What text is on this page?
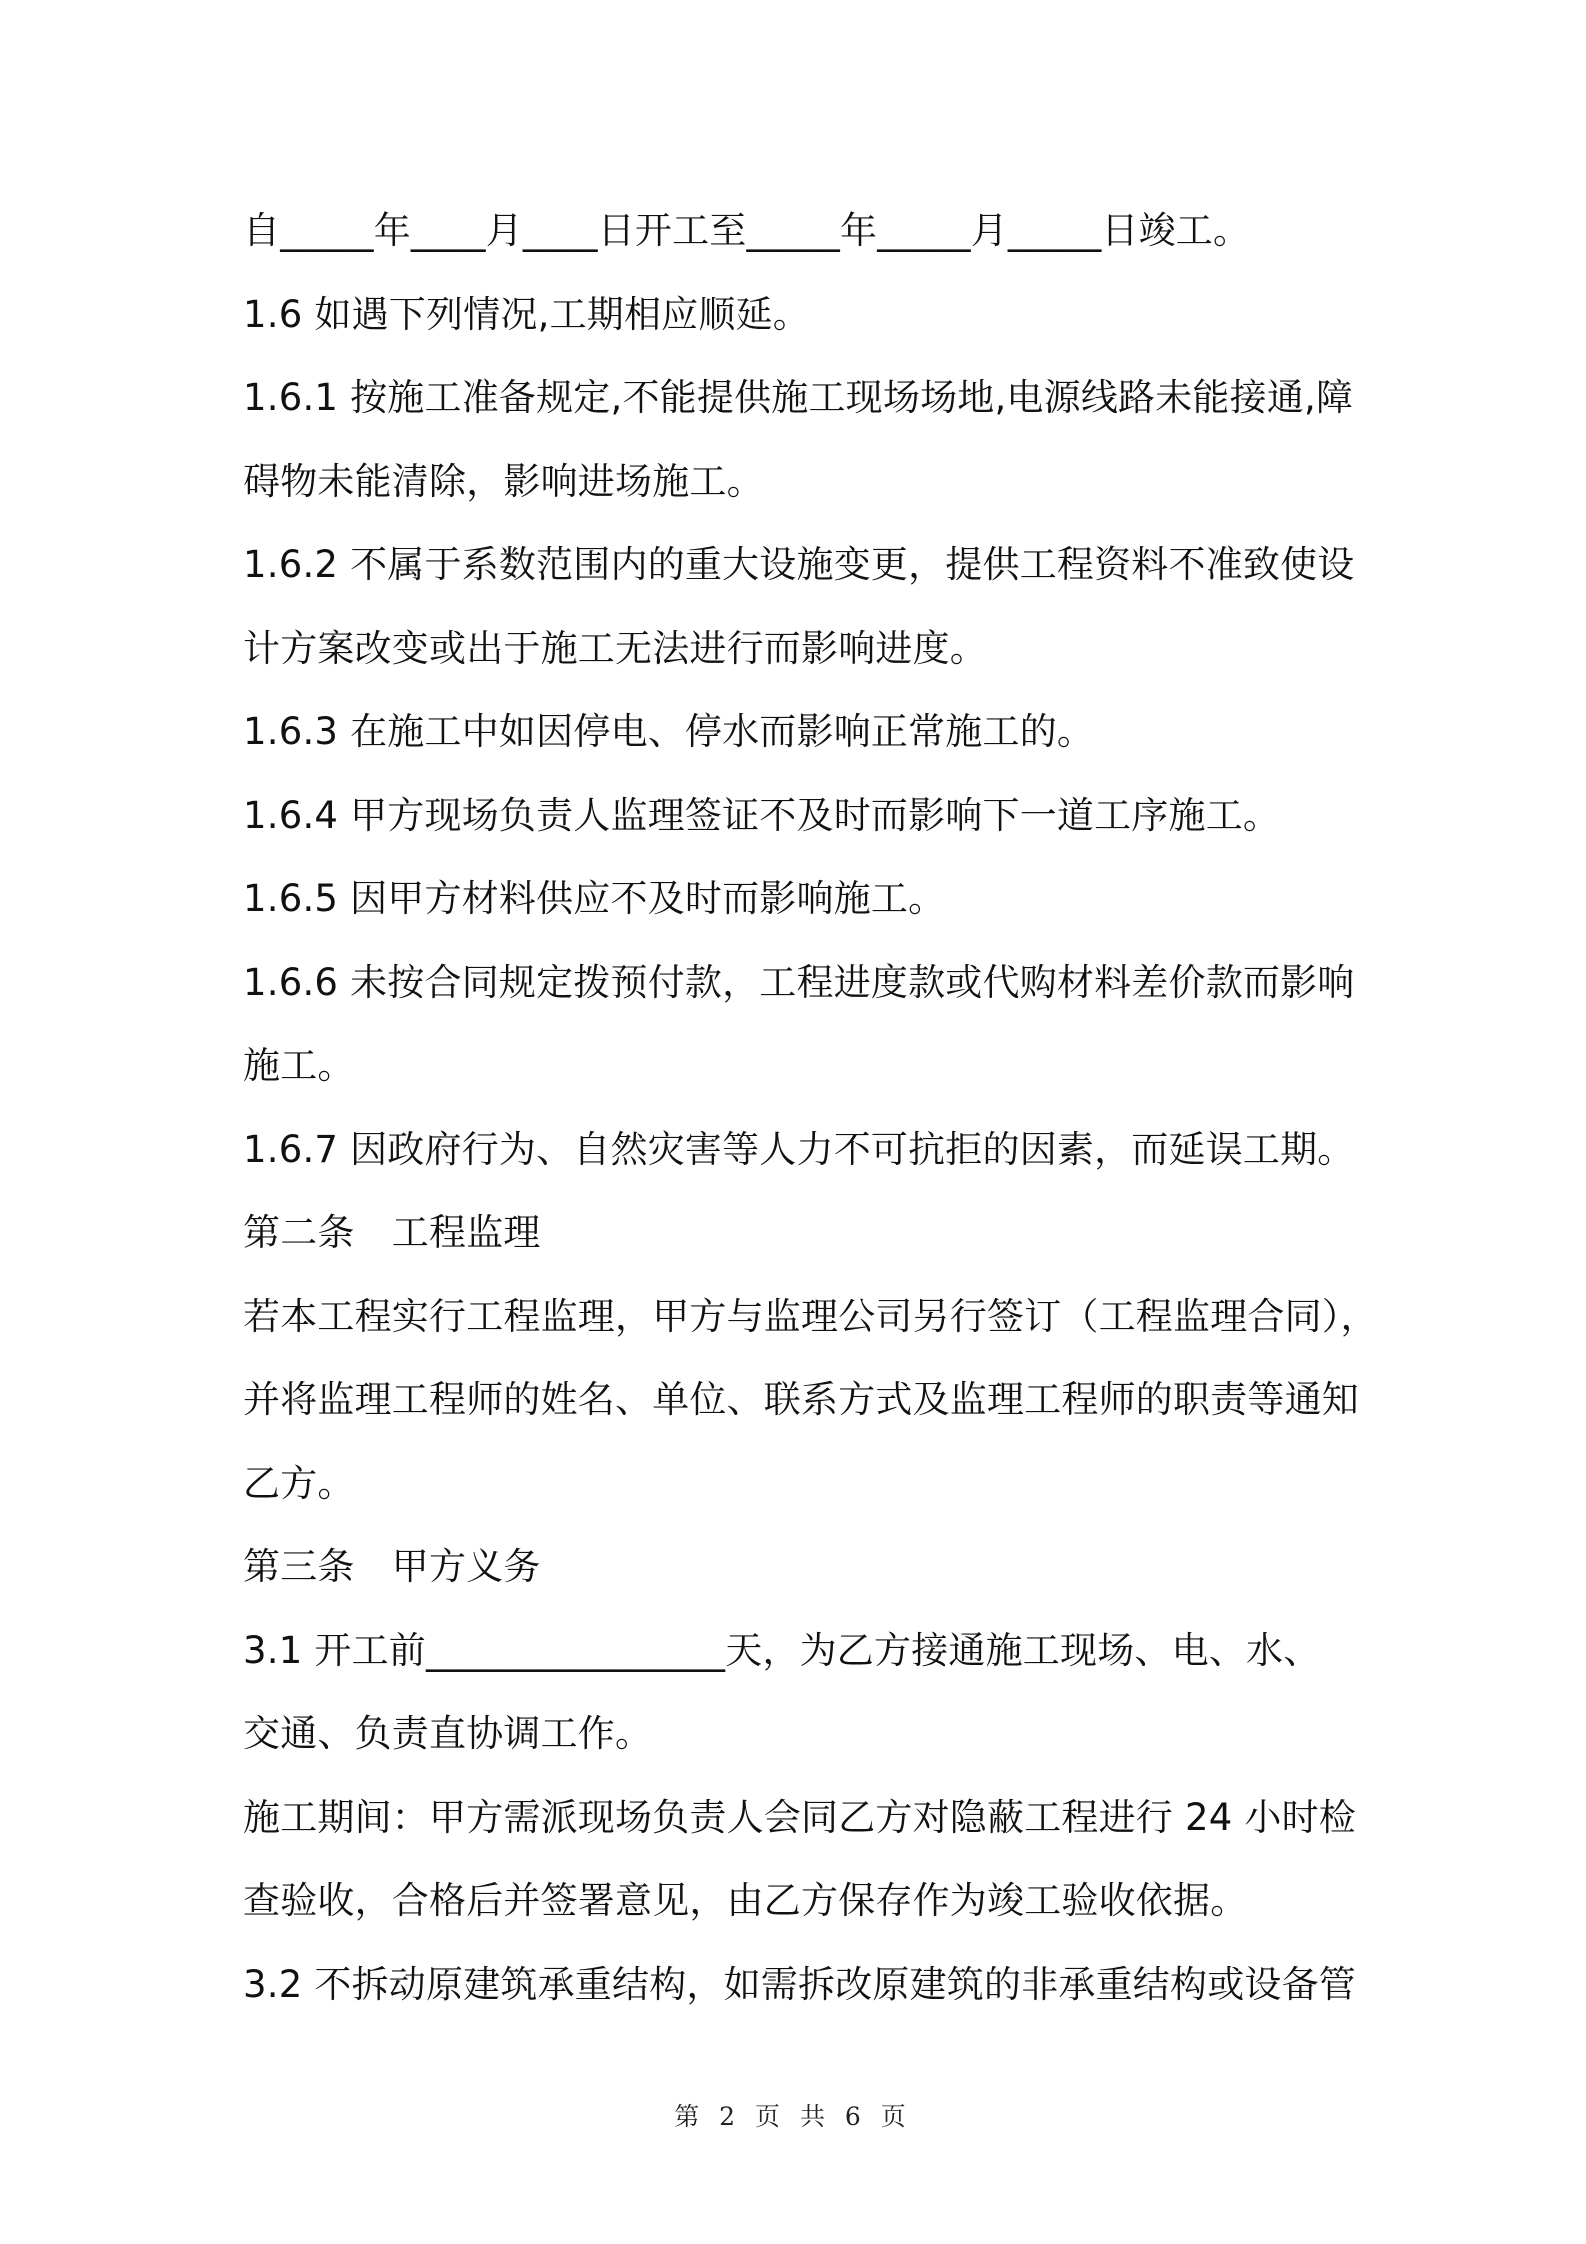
自_____年____月____日开工至_____年_____月_____日竣工。
1.6 如遇下列情况,工期相应顺延。
1.6.1 按施工准备规定,不能提供施工现场场地,电源线路未能接通,障
碍物未能清除，影响进场施工。
1.6.2 不属于系数范围内的重大设施变更，提供工程资料不准致使设
计方案改变或出于施工无法进行而影响进度。
1.6.3 在施工中如因停电、停水而影响正常施工的。
1.6.4 甲方现场负责人监理签证不及时而影响下一道工序施工。
1.6.5 因甲方材料供应不及时而影响施工。
1.6.6 未按合同规定拨预付款，工程进度款或代购材料差价款而影响
施工。
1.6.7 因政府行为、自然灾害等人力不可抗拒的因素，而延误工期。
第二条　工程监理
若本工程实行工程监理，甲方与监理公司另行签订（工程监理合同），
并将监理工程师的姓名、单位、联系方式及监理工程师的职责等通知
乙方。
第三条　甲方义务
3.1 开工前________________天，为乙方接通施工现场、电、水、
交通、负责直协调工作。
施工期间：甲方需派现场负责人会同乙方对隐蔽工程进行 24 小时检
查验收，合格后并签署意见，由乙方保存作为竣工验收依据。
3.2 不拆动原建筑承重结构，如需拆改原建筑的非承重结构或设备管
第 2 页 共 6 页
